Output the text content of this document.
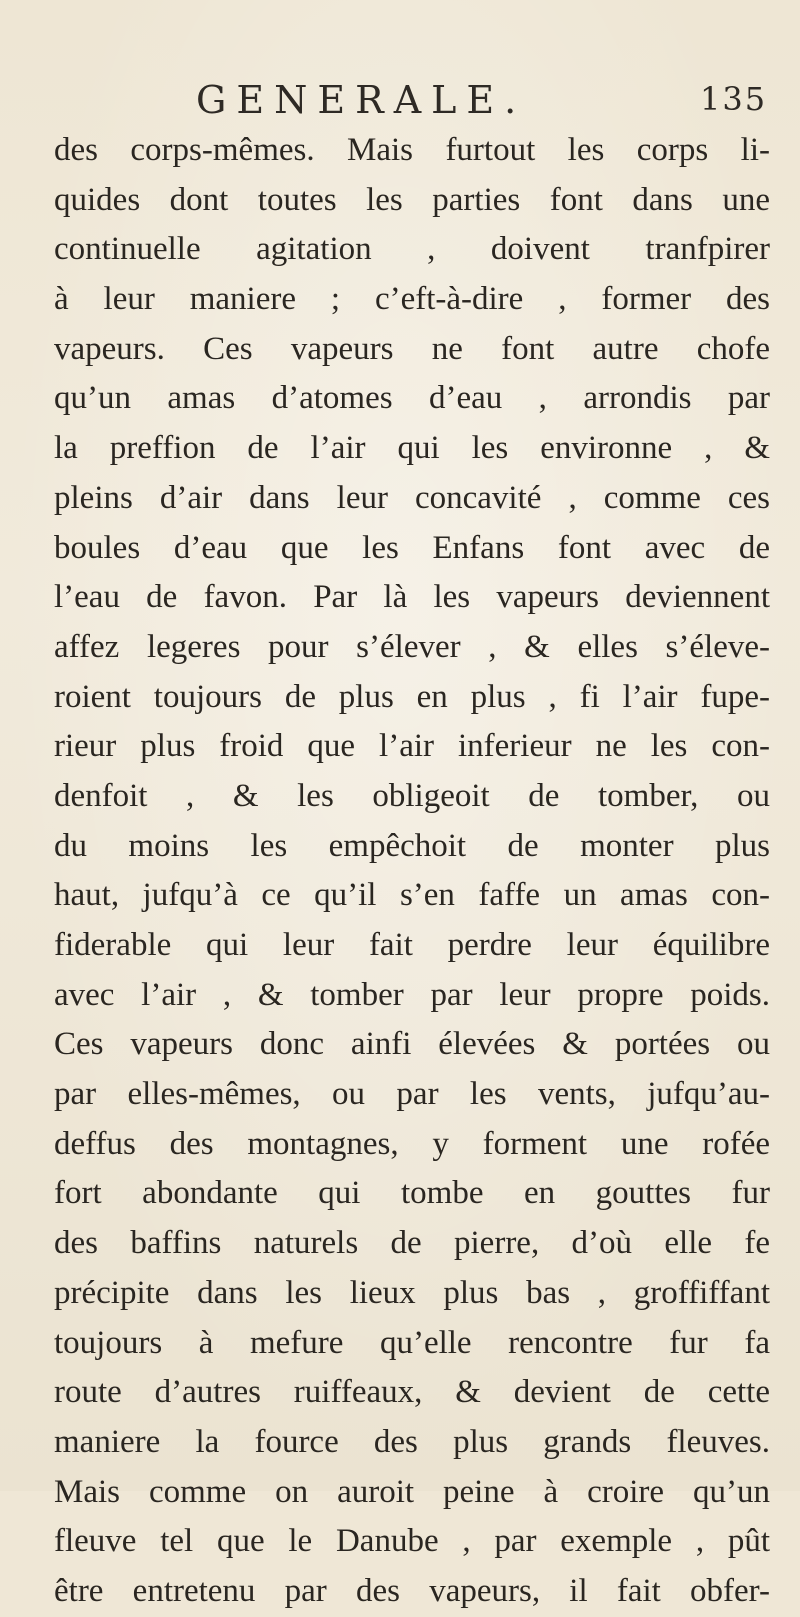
GENERALE.	135
des corps-mêmes. Mais furtout les corps li-
quides dont toutes les parties font dans une
continuelle agitation , doivent tranfpirer
à leur maniere ; c’eft-à-dire , former des
vapeurs. Ces vapeurs ne font autre chofe
qu’un amas d’atomes d’eau , arrondis par
la preffion de l’air qui les environne , &
pleins d’air dans leur concavité , comme ces
boules d’eau que les Enfans font avec de
l’eau de favon. Par là les vapeurs deviennent
affez legeres pour s’élever , & elles s’éleve-
roient toujours de plus en plus , fi l’air fupe-
rieur plus froid que l’air inferieur ne les con-
denfoit , & les obligeoit de tomber, ou
du moins les empêchoit de monter plus
haut, jufqu’à ce qu’il s’en faffe un amas con-
fiderable qui leur fait perdre leur équilibre
avec l’air , & tomber par leur propre poids.
Ces vapeurs donc ainfi élevées & portées ou
par elles-mêmes, ou par les vents, jufqu’au-
deffus des montagnes, y forment une rofée
fort abondante qui tombe en gouttes fur
des baffins naturels de pierre, d’où elle fe
précipite dans les lieux plus bas , groffiffant
toujours à mefure qu’elle rencontre fur fa
route d’autres ruiffeaux, & devient de cette
maniere la fource des plus grands fleuves.
Mais comme on auroit peine à croire qu’un
fleuve tel que le Danube , par exemple , pût
être entretenu par des vapeurs, il fait obfer-
